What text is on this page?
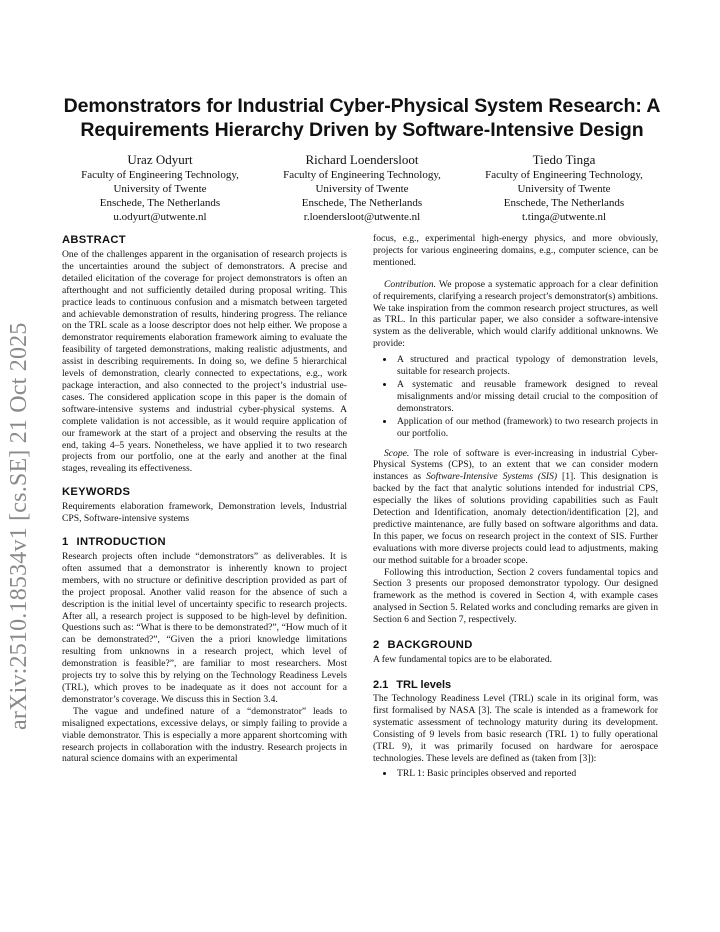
arXiv:2510.18534v1 [cs.SE] 21 Oct 2025
Demonstrators for Industrial Cyber-Physical System Research: A
Requirements Hierarchy Driven by Software-Intensive Design
Uraz Odyurt
Faculty of Engineering Technology,
University of Twente
Enschede, The Netherlands
u.odyurt@utwente.nl
Richard Loendersloot
Faculty of Engineering Technology,
University of Twente
Enschede, The Netherlands
r.loendersloot@utwente.nl
Tiedo Tinga
Faculty of Engineering Technology,
University of Twente
Enschede, The Netherlands
t.tinga@utwente.nl
ABSTRACT

One of the challenges apparent in the organisation of research projects is the uncertainties around the subject of demonstrators. A precise and detailed elicitation of the coverage for project demonstrators is often an afterthought and not sufficiently detailed during proposal writing. This practice leads to continuous confusion and a mismatch between targeted and achievable demonstration of results, hindering progress. The reliance on the TRL scale as a loose descriptor does not help either. We propose a demonstrator requirements elaboration framework aiming to evaluate the feasibility of targeted demonstrations, making realistic adjustments, and assist in describing requirements. In doing so, we define 5 hierarchical levels of demonstration, clearly connected to expectations, e.g., work package interaction, and also connected to the project’s industrial use-cases. The considered application scope in this paper is the domain of software-intensive systems and industrial cyber-physical systems. A complete validation is not accessible, as it would require application of our framework at the start of a project and observing the results at the end, taking 4–5 years. Nonetheless, we have applied it to two research projects from our portfolio, one at the early and another at the final stages, revealing its effectiveness.

KEYWORDS

Requirements elaboration framework, Demonstration levels, Industrial CPS, Software-intensive systems

1 INTRODUCTION

Research projects often include “demonstrators” as deliverables. It is often assumed that a demonstrator is inherently known to project members, with no structure or definitive description provided as part of the project proposal. Another valid reason for the absence of such a description is the initial level of uncertainty specific to research projects. After all, a research project is supposed to be high-level by definition. Questions such as: “What is there to be demonstrated?”, “How much of it can be demonstrated?”, “Given the a priori knowledge limitations resulting from unknowns in a research project, which level of demonstration is feasible?”, are familiar to most researchers. Most projects try to solve this by relying on the Technology Readiness Levels (TRL), which proves to be inadequate as it does not account for a demonstrator’s coverage. We discuss this in Section 3.4.

The vague and undefined nature of a “demonstrator” leads to misaligned expectations, excessive delays, or simply failing to provide a viable demonstrator. This is especially a more apparent shortcoming with research projects in collaboration with the industry. Research projects in natural science domains with an experimental

focus, e.g., experimental high-energy physics, and more obviously, projects for various engineering domains, e.g., computer science, can be mentioned.

Contribution. We propose a systematic approach for a clear definition of requirements, clarifying a research project’s demonstrator(s) ambitions. We take inspiration from the common research project structures, as well as TRL. In this particular paper, we also consider a software-intensive system as the deliverable, which would clarify additional unknowns. We provide:

• A structured and practical typology of demonstration levels, suitable for research projects.
• A systematic and reusable framework designed to reveal misalignments and/or missing detail crucial to the composition of demonstrators.
• Application of our method (framework) to two research projects in our portfolio.

Scope. The role of software is ever-increasing in industrial Cyber-Physical Systems (CPS), to an extent that we can consider modern instances as Software-Intensive Systems (SIS) [1]. This designation is backed by the fact that analytic solutions intended for industrial CPS, especially the likes of solutions providing capabilities such as Fault Detection and Identification, anomaly detection/identification [2], and predictive maintenance, are fully based on software algorithms and data. In this paper, we focus on research project in the context of SIS. Further evaluations with more diverse projects could lead to adjustments, making our method suitable for a broader scope.

Following this introduction, Section 2 covers fundamental topics and Section 3 presents our proposed demonstrator typology. Our designed framework as the method is covered in Section 4, with example cases analysed in Section 5. Related works and concluding remarks are given in Section 6 and Section 7, respectively.

2 BACKGROUND

A few fundamental topics are to be elaborated.

2.1 TRL levels

The Technology Readiness Level (TRL) scale in its original form, was first formalised by NASA [3]. The scale is intended as a framework for systematic assessment of technology maturity during its development. Consisting of 9 levels from basic research (TRL 1) to fully operational (TRL 9), it was primarily focused on hardware for aerospace technologies. These levels are defined as (taken from [3]):

• TRL 1: Basic principles observed and reported
